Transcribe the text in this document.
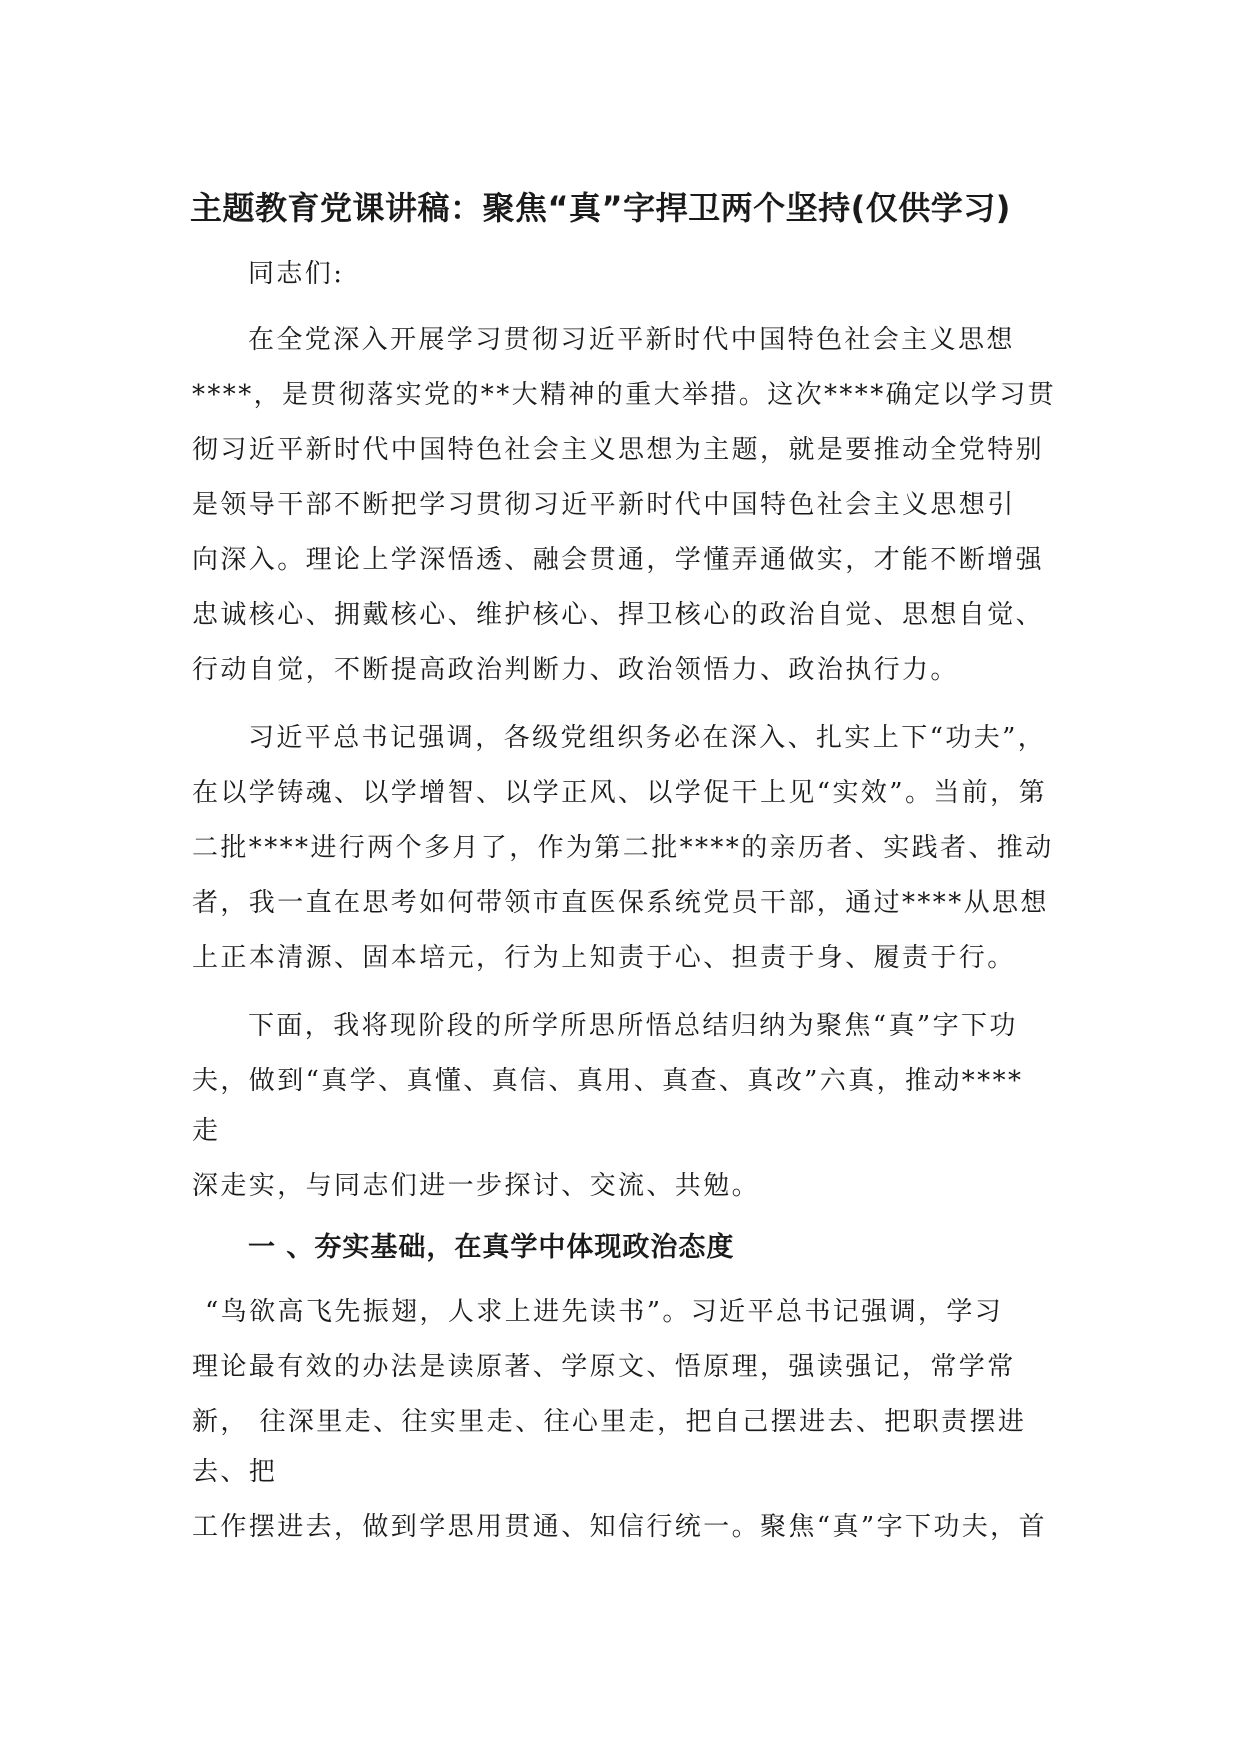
主题教育党课讲稿：聚焦“真”字捍卫两个坚持(仅供学习)
同志们:
在全党深入开展学习贯彻习近平新时代中国特色社会主义思想
****，是贯彻落实党的**大精神的重大举措。这次****确定以学习贯
彻习近平新时代中国特色社会主义思想为主题，就是要推动全党特别
是领导干部不断把学习贯彻习近平新时代中国特色社会主义思想引
向深入。理论上学深悟透、融会贯通，学懂弄通做实，才能不断增强
忠诚核心、拥戴核心、维护核心、捍卫核心的政治自觉、思想自觉、
行动自觉，不断提高政治判断力、政治领悟力、政治执行力。
习近平总书记强调，各级党组织务必在深入、扎实上下“功夫”，
在以学铸魂、以学增智、以学正风、以学促干上见“实效”。当前，第
二批****进行两个多月了，作为第二批****的亲历者、实践者、推动
者，我一直在思考如何带领市直医保系统党员干部，通过****从思想
上正本清源、固本培元，行为上知责于心、担责于身、履责于行。
下面，我将现阶段的所学所思所悟总结归纳为聚焦“真”字下功
夫，做到“真学、真懂、真信、真用、真查、真改”六真，推动****
走
深走实，与同志们进一步探讨、交流、共勉。
一 、夯实基础，在真学中体现政治态度
“鸟欲高飞先振翅，人求上进先读书”。习近平总书记强调，学习
理论最有效的办法是读原著、学原文、悟原理，强读强记，常学常
新， 往深里走、往实里走、往心里走，把自己摆进去、把职责摆进
去、把
工作摆进去，做到学思用贯通、知信行统一。聚焦“真”字下功夫，首
